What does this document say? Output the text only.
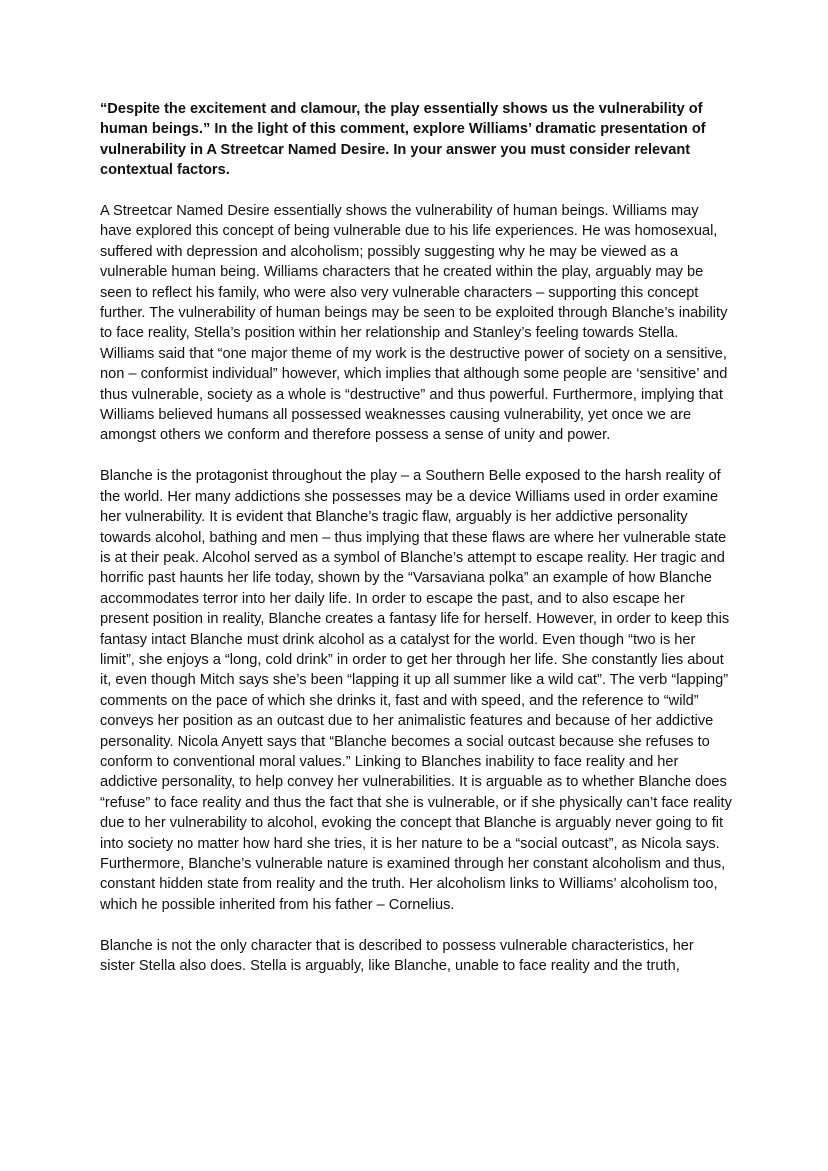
“Despite the excitement and clamour, the play essentially shows us the vulnerability of human beings.” In the light of this comment, explore Williams’ dramatic presentation of vulnerability in A Streetcar Named Desire. In your answer you must consider relevant contextual factors.

A Streetcar Named Desire essentially shows the vulnerability of human beings. Williams may have explored this concept of being vulnerable due to his life experiences. He was homosexual, suffered with depression and alcoholism; possibly suggesting why he may be viewed as a vulnerable human being. Williams characters that he created within the play, arguably may be seen to reflect his family, who were also very vulnerable characters – supporting this concept further. The vulnerability of human beings may be seen to be exploited through Blanche’s inability to face reality, Stella’s position within her relationship and Stanley’s feeling towards Stella. Williams said that “one major theme of my work is the destructive power of society on a sensitive, non – conformist individual” however, which implies that although some people are ‘sensitive’ and thus vulnerable, society as a whole is “destructive” and thus powerful. Furthermore, implying that Williams believed humans all possessed weaknesses causing vulnerability, yet once we are amongst others we conform and therefore possess a sense of unity and power.

Blanche is the protagonist throughout the play – a Southern Belle exposed to the harsh reality of the world. Her many addictions she possesses may be a device Williams used in order examine her vulnerability. It is evident that Blanche’s tragic flaw, arguably is her addictive personality towards alcohol, bathing and men – thus implying that these flaws are where her vulnerable state is at their peak. Alcohol served as a symbol of Blanche’s attempt to escape reality. Her tragic and horrific past haunts her life today, shown by the “Varsaviana polka” an example of how Blanche accommodates terror into her daily life. In order to escape the past, and to also escape her present position in reality, Blanche creates a fantasy life for herself. However, in order to keep this fantasy intact Blanche must drink alcohol as a catalyst for the world. Even though “two is her limit”, she enjoys a “long, cold drink” in order to get her through her life. She constantly lies about it, even though Mitch says she’s been “lapping it up all summer like a wild cat”. The verb “lapping” comments on the pace of which she drinks it, fast and with speed, and the reference to “wild” conveys her position as an outcast due to her animalistic features and because of her addictive personality. Nicola Anyett says that “Blanche becomes a social outcast because she refuses to conform to conventional moral values.” Linking to Blanches inability to face reality and her addictive personality, to help convey her vulnerabilities. It is arguable as to whether Blanche does “refuse” to face reality and thus the fact that she is vulnerable, or if she physically can’t face reality due to her vulnerability to alcohol, evoking the concept that Blanche is arguably never going to fit into society no matter how hard she tries, it is her nature to be a “social outcast”, as Nicola says. Furthermore, Blanche’s vulnerable nature is examined through her constant alcoholism and thus, constant hidden state from reality and the truth. Her alcoholism links to Williams’ alcoholism too, which he possible inherited from his father – Cornelius.

Blanche is not the only character that is described to possess vulnerable characteristics, her sister Stella also does. Stella is arguably, like Blanche, unable to face reality and the truth,
